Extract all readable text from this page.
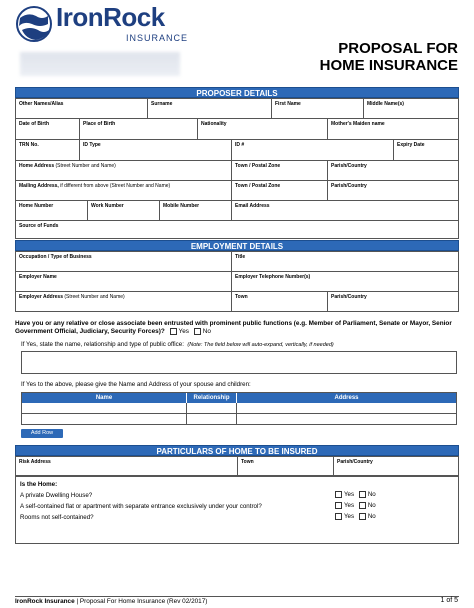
IronRock
INSURANCE
PROPOSAL FOR
HOME INSURANCE
PROPOSER DETAILS
Other Names/Alias	Surname	First Name	Middle Name(s)
Date of Birth	Place of Birth	Nationality	Mother's Maiden name
TRN No.	ID Type	ID #	Expiry Date
Home Address (Street Number and Name)	Town / Postal Zone	Parish/Country
Mailing Address, if different from above (Street Number and Name)	Town / Postal Zone	Parish/Country
Home Number	Work Number	Mobile Number	Email Address
Source of Funds
EMPLOYMENT DETAILS
Occupation / Type of Business	Title
Employer Name	Employer Telephone Number(s)
Employer Address (Street Number and Name)	Town	Parish/Country
Have you or any relative or close associate been entrusted with prominent public functions (e.g. Member of Parliament, Senate or Mayor, Senior Government Official, Judiciary, Security Forces)? Yes No
If Yes, state the name, relationship and type of public office: (Note: The field below will auto-expand, vertically, if needed)
If Yes to the above, please give the Name and Address of your spouse and children:
Name	Relationship	Address
Add Row
PARTICULARS OF HOME TO BE INSURED
Risk Address	Town	Parish/Country
Is the Home:
A private Dwelling House?	Yes No
A self-contained flat or apartment with separate entrance exclusively under your control?	Yes No
Rooms not self-contained?	Yes No
IronRock Insurance | Proposal For Home Insurance (Rev 02/2017)	1 of 5
